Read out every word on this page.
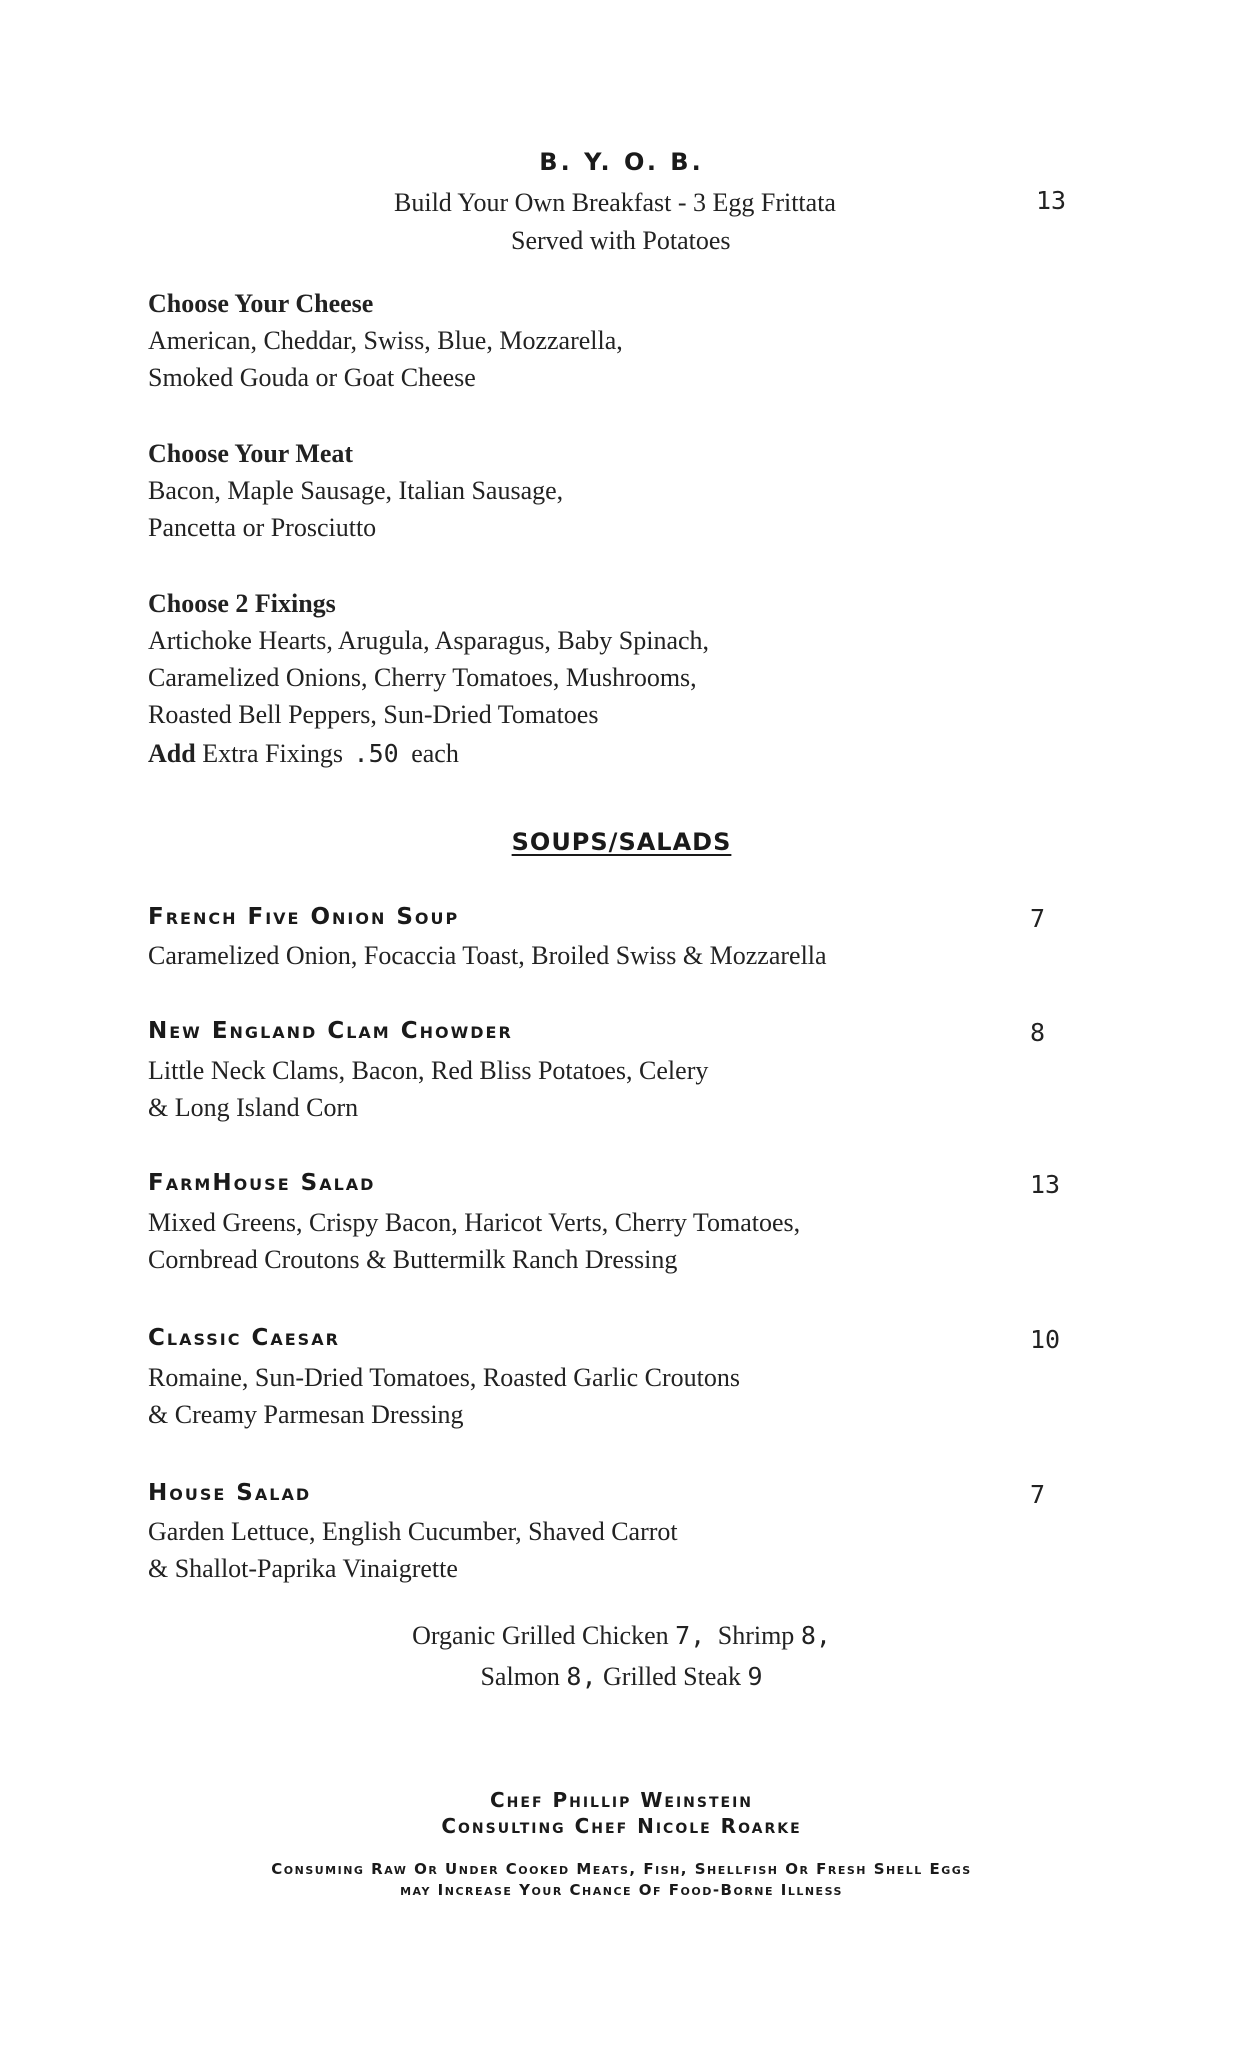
B. Y. O. B.
Build Your Own Breakfast - 3 Egg Frittata	13
Served with Potatoes
Choose Your Cheese
American, Cheddar, Swiss, Blue, Mozzarella,
Smoked Gouda or Goat Cheese
Choose Your Meat
Bacon, Maple Sausage, Italian Sausage,
Pancetta or Prosciutto
Choose 2 Fixings
Artichoke Hearts, Arugula, Asparagus, Baby Spinach,
Caramelized Onions, Cherry Tomatoes, Mushrooms,
Roasted Bell Peppers, Sun-Dried Tomatoes
Add Extra Fixings .50 each
SOUPS/SALADS
French Five Onion Soup	7
Caramelized Onion, Focaccia Toast, Broiled Swiss & Mozzarella
New England Clam Chowder	8
Little Neck Clams, Bacon, Red Bliss Potatoes, Celery
& Long Island Corn
FarmHouse Salad	13
Mixed Greens, Crispy Bacon, Haricot Verts, Cherry Tomatoes,
Cornbread Croutons & Buttermilk Ranch Dressing
Classic Caesar	10
Romaine, Sun-Dried Tomatoes, Roasted Garlic Croutons
& Creamy Parmesan Dressing
House Salad	7
Garden Lettuce, English Cucumber, Shaved Carrot
& Shallot-Paprika Vinaigrette
Organic Grilled Chicken 7, Shrimp 8,
Salmon 8, Grilled Steak 9
Chef Phillip Weinstein
Consulting Chef Nicole Roarke
Consuming Raw Or Under Cooked Meats, Fish, Shellfish Or Fresh Shell Eggs
may Increase Your Chance Of Food-Borne Illness
